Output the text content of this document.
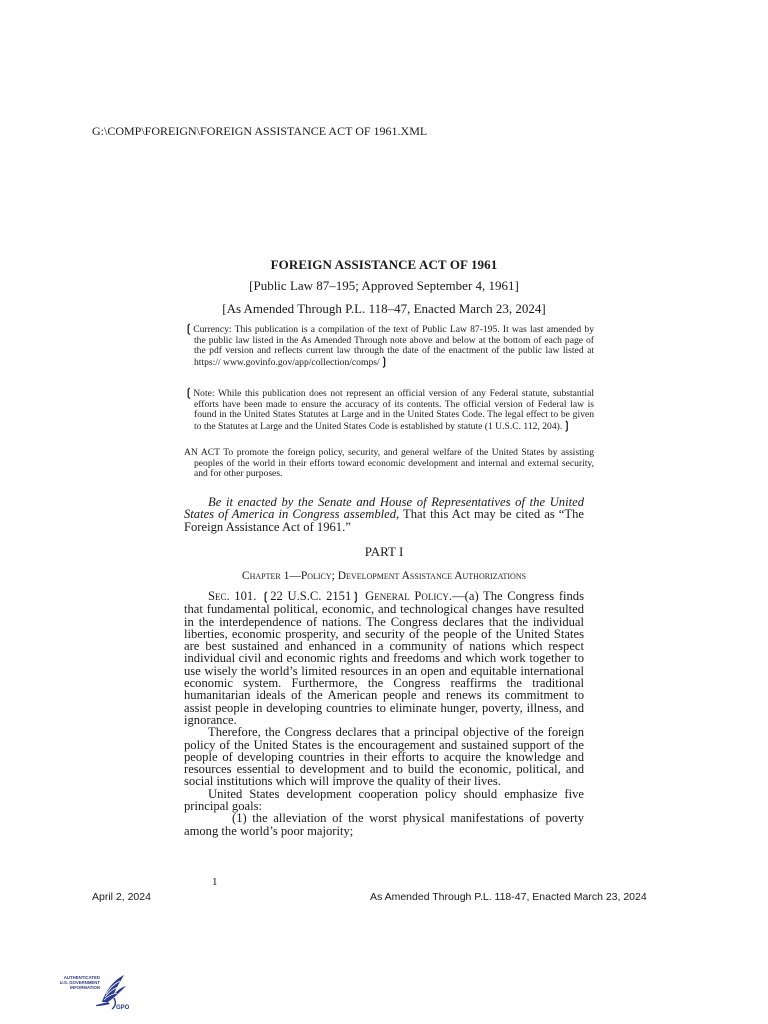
G:\COMP\FOREIGN\FOREIGN ASSISTANCE ACT OF 1961.XML
FOREIGN ASSISTANCE ACT OF 1961
[Public Law 87–195; Approved September 4, 1961]
[As Amended Through P.L. 118–47, Enacted March 23, 2024]
❲Currency: This publication is a compilation of the text of Public Law 87-195. It was last amended by the public law listed in the As Amended Through note above and below at the bottom of each page of the pdf version and reflects current law through the date of the enactment of the public law listed at https:// www.govinfo.gov/app/collection/comps/❳
❲Note: While this publication does not represent an official version of any Federal statute, substantial efforts have been made to ensure the accuracy of its contents. The official version of Federal law is found in the United States Statutes at Large and in the United States Code. The legal effect to be given to the Statutes at Large and the United States Code is established by statute (1 U.S.C. 112, 204).❳
AN ACT To promote the foreign policy, security, and general welfare of the United States by assisting peoples of the world in their efforts toward economic development and internal and external security, and for other purposes.
Be it enacted by the Senate and House of Representatives of the United States of America in Congress assembled, That this Act may be cited as “The Foreign Assistance Act of 1961.”
PART I
Chapter 1—Policy; Development Assistance Authorizations

Sec. 101. ❲22 U.S.C. 2151❳ General Policy.—(a) The Congress finds that fundamental political, economic, and technological changes have resulted in the interdependence of nations. The Congress declares that the individual liberties, economic prosperity, and security of the people of the United States are best sustained and enhanced in a community of nations which respect individual civil and economic rights and freedoms and which work together to use wisely the world’s limited resources in an open and equitable international economic system. Furthermore, the Congress reaffirms the traditional humanitarian ideals of the American people and renews its commitment to assist people in developing countries to eliminate hunger, poverty, illness, and ignorance.

Therefore, the Congress declares that a principal objective of the foreign policy of the United States is the encouragement and sustained support of the people of developing countries in their efforts to acquire the knowledge and resources essential to development and to build the economic, political, and social institutions which will improve the quality of their lives.

United States development cooperation policy should emphasize five principal goals:

(1) the alleviation of the worst physical manifestations of poverty among the world’s poor majority;

1
April 2, 2024	As Amended Through P.L. 118-47, Enacted March 23, 2024
AUTHENTICATED
U.S. GOVERNMENT
INFORMATION
GPO
